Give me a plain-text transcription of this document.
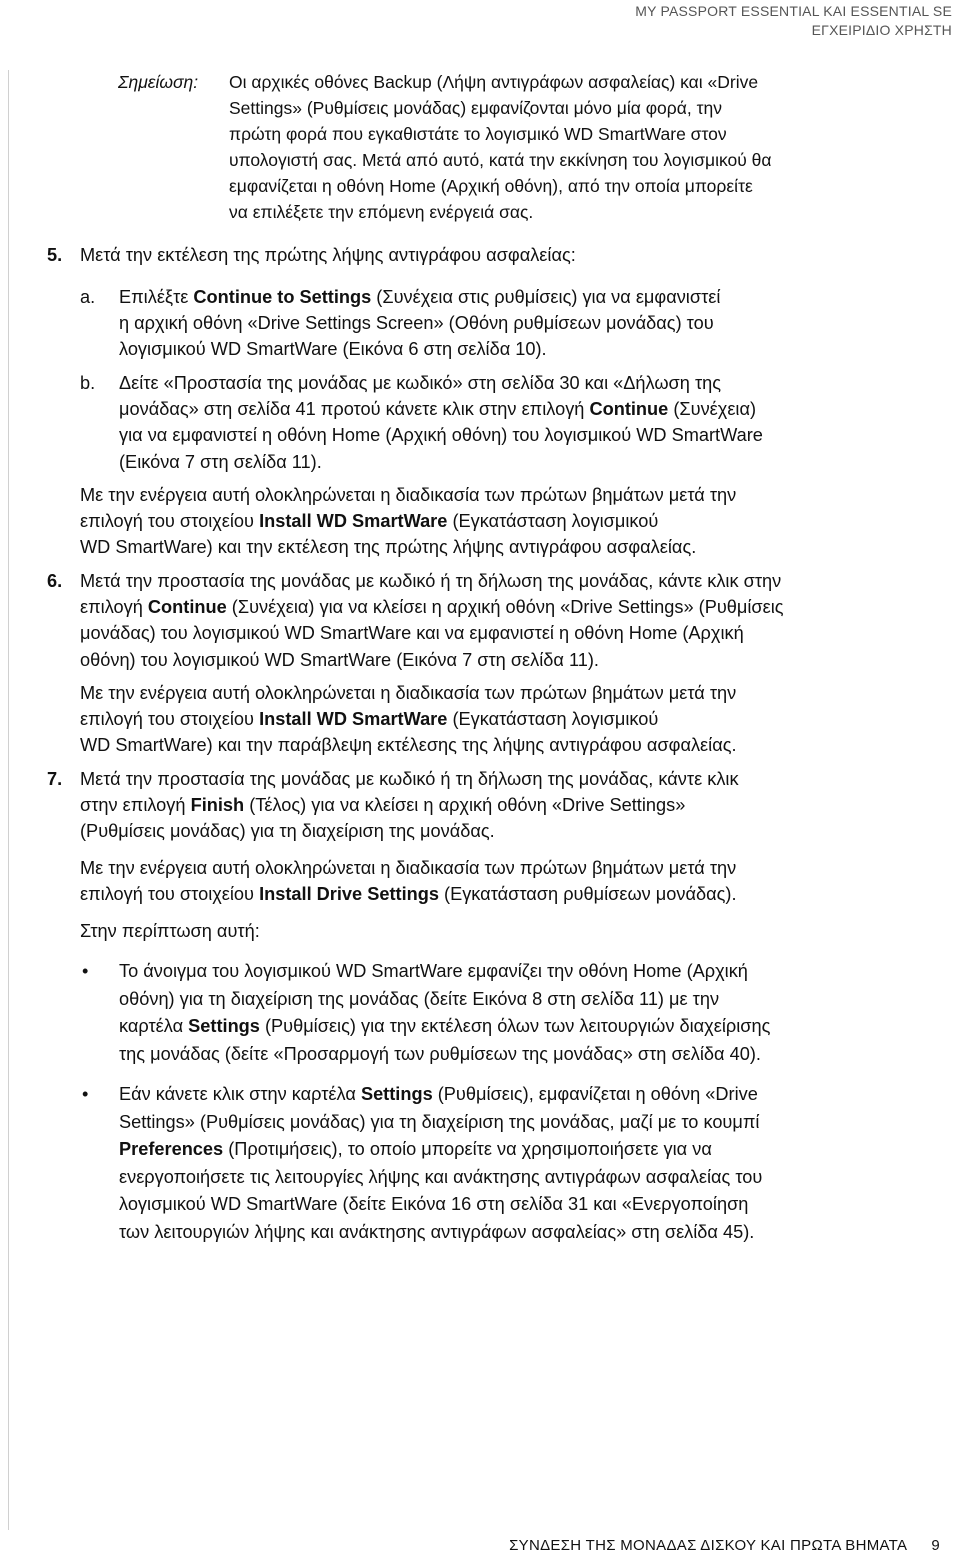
MY PASSPORT ESSENTIAL ΚΑΙ ESSENTIAL SE
ΕΓΧΕΙΡΙΔΙΟ ΧΡΗΣΤΗ
Σημείωση: Οι αρχικές οθόνες Backup (Λήψη αντιγράφων ασφαλείας) και «Drive
Settings» (Ρυθμίσεις μονάδας) εμφανίζονται μόνο μία φορά, την
πρώτη φορά που εγκαθιστάτε το λογισμικό WD SmartWare στον
υπολογιστή σας. Μετά από αυτό, κατά την εκκίνηση του λογισμικού θα
εμφανίζεται η οθόνη Home (Αρχική οθόνη), από την οποία μπορείτε
να επιλέξετε την επόμενη ενέργειά σας.
5. Μετά την εκτέλεση της πρώτης λήψης αντιγράφου ασφαλείας:
a. Επιλέξτε Continue to Settings (Συνέχεια στις ρυθμίσεις) για να εμφανιστεί
η αρχική οθόνη «Drive Settings Screen» (Οθόνη ρυθμίσεων μονάδας) του
λογισμικού WD SmartWare (Εικόνα 6 στη σελίδα 10).
b. Δείτε «Προστασία της μονάδας με κωδικό» στη σελίδα 30 και «Δήλωση της
μονάδας» στη σελίδα 41 προτού κάνετε κλικ στην επιλογή Continue (Συνέχεια)
για να εμφανιστεί η οθόνη Home (Αρχική οθόνη) του λογισμικού WD SmartWare
(Εικόνα 7 στη σελίδα 11).
Με την ενέργεια αυτή ολοκληρώνεται η διαδικασία των πρώτων βημάτων μετά την
επιλογή του στοιχείου Install WD SmartWare (Εγκατάσταση λογισμικού
WD SmartWare) και την εκτέλεση της πρώτης λήψης αντιγράφου ασφαλείας.
6. Μετά την προστασία της μονάδας με κωδικό ή τη δήλωση της μονάδας, κάντε κλικ στην
επιλογή Continue (Συνέχεια) για να κλείσει η αρχική οθόνη «Drive Settings» (Ρυθμίσεις
μονάδας) του λογισμικού WD SmartWare και να εμφανιστεί η οθόνη Home (Αρχική
οθόνη) του λογισμικού WD SmartWare (Εικόνα 7 στη σελίδα 11).
Με την ενέργεια αυτή ολοκληρώνεται η διαδικασία των πρώτων βημάτων μετά την
επιλογή του στοιχείου Install WD SmartWare (Εγκατάσταση λογισμικού
WD SmartWare) και την παράβλεψη εκτέλεσης της λήψης αντιγράφου ασφαλείας.
7. Μετά την προστασία της μονάδας με κωδικό ή τη δήλωση της μονάδας, κάντε κλικ
στην επιλογή Finish (Τέλος) για να κλείσει η αρχική οθόνη «Drive Settings»
(Ρυθμίσεις μονάδας) για τη διαχείριση της μονάδας.
Με την ενέργεια αυτή ολοκληρώνεται η διαδικασία των πρώτων βημάτων μετά την
επιλογή του στοιχείου Install Drive Settings (Εγκατάσταση ρυθμίσεων μονάδας).
Στην περίπτωση αυτή:
• Το άνοιγμα του λογισμικού WD SmartWare εμφανίζει την οθόνη Home (Αρχική
οθόνη) για τη διαχείριση της μονάδας (δείτε Εικόνα 8 στη σελίδα 11) με την
καρτέλα Settings (Ρυθμίσεις) για την εκτέλεση όλων των λειτουργιών διαχείρισης
της μονάδας (δείτε «Προσαρμογή των ρυθμίσεων της μονάδας» στη σελίδα 40).
• Εάν κάνετε κλικ στην καρτέλα Settings (Ρυθμίσεις), εμφανίζεται η οθόνη «Drive
Settings» (Ρυθμίσεις μονάδας) για τη διαχείριση της μονάδας, μαζί με το κουμπί
Preferences (Προτιμήσεις), το οποίο μπορείτε να χρησιμοποιήσετε για να
ενεργοποιήσετε τις λειτουργίες λήψης και ανάκτησης αντιγράφων ασφαλείας του
λογισμικού WD SmartWare (δείτε Εικόνα 16 στη σελίδα 31 και «Ενεργοποίηση
των λειτουργιών λήψης και ανάκτησης αντιγράφων ασφαλείας» στη σελίδα 45).
ΣΥΝΔΕΣΗ ΤΗΣ ΜΟΝΑΔΑΣ ΔΙΣΚΟΥ ΚΑΙ ΠΡΩΤΑ ΒΗΜΑΤΑ 9
